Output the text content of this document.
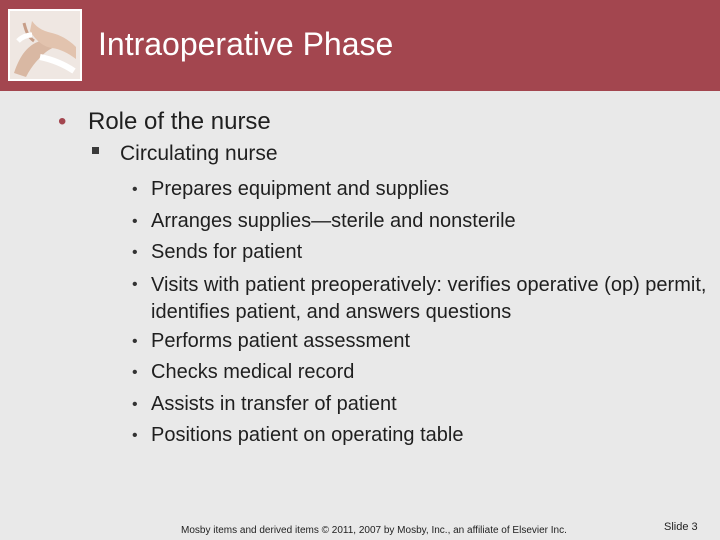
Intraoperative Phase
• Role of the nurse
Circulating nurse
• Prepares equipment and supplies
• Arranges supplies—sterile and nonsterile
• Sends for patient
• Visits with patient preoperatively: verifies operative (op) permit, identifies patient, and answers questions
• Performs patient assessment
• Checks medical record
• Assists in transfer of patient
• Positions patient on operating table
Mosby items and derived items © 2011, 2007 by Mosby, Inc., an affiliate of Elsevier Inc.	Slide 3
